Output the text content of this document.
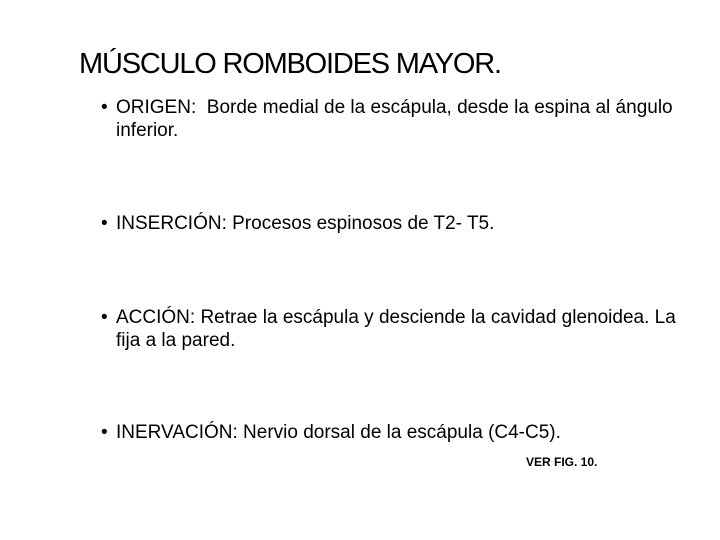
MÚSCULO ROMBOIDES MAYOR.
• ORIGEN:  Borde medial de la escápula, desde la espina al ángulo inferior.
• INSERCIÓN: Procesos espinosos de T2- T5.
• ACCIÓN: Retrae la escápula y desciende la cavidad glenoidea. La fija a la pared.
• INERVACIÓN: Nervio dorsal de la escápula (C4-C5).
VER FIG. 10.
